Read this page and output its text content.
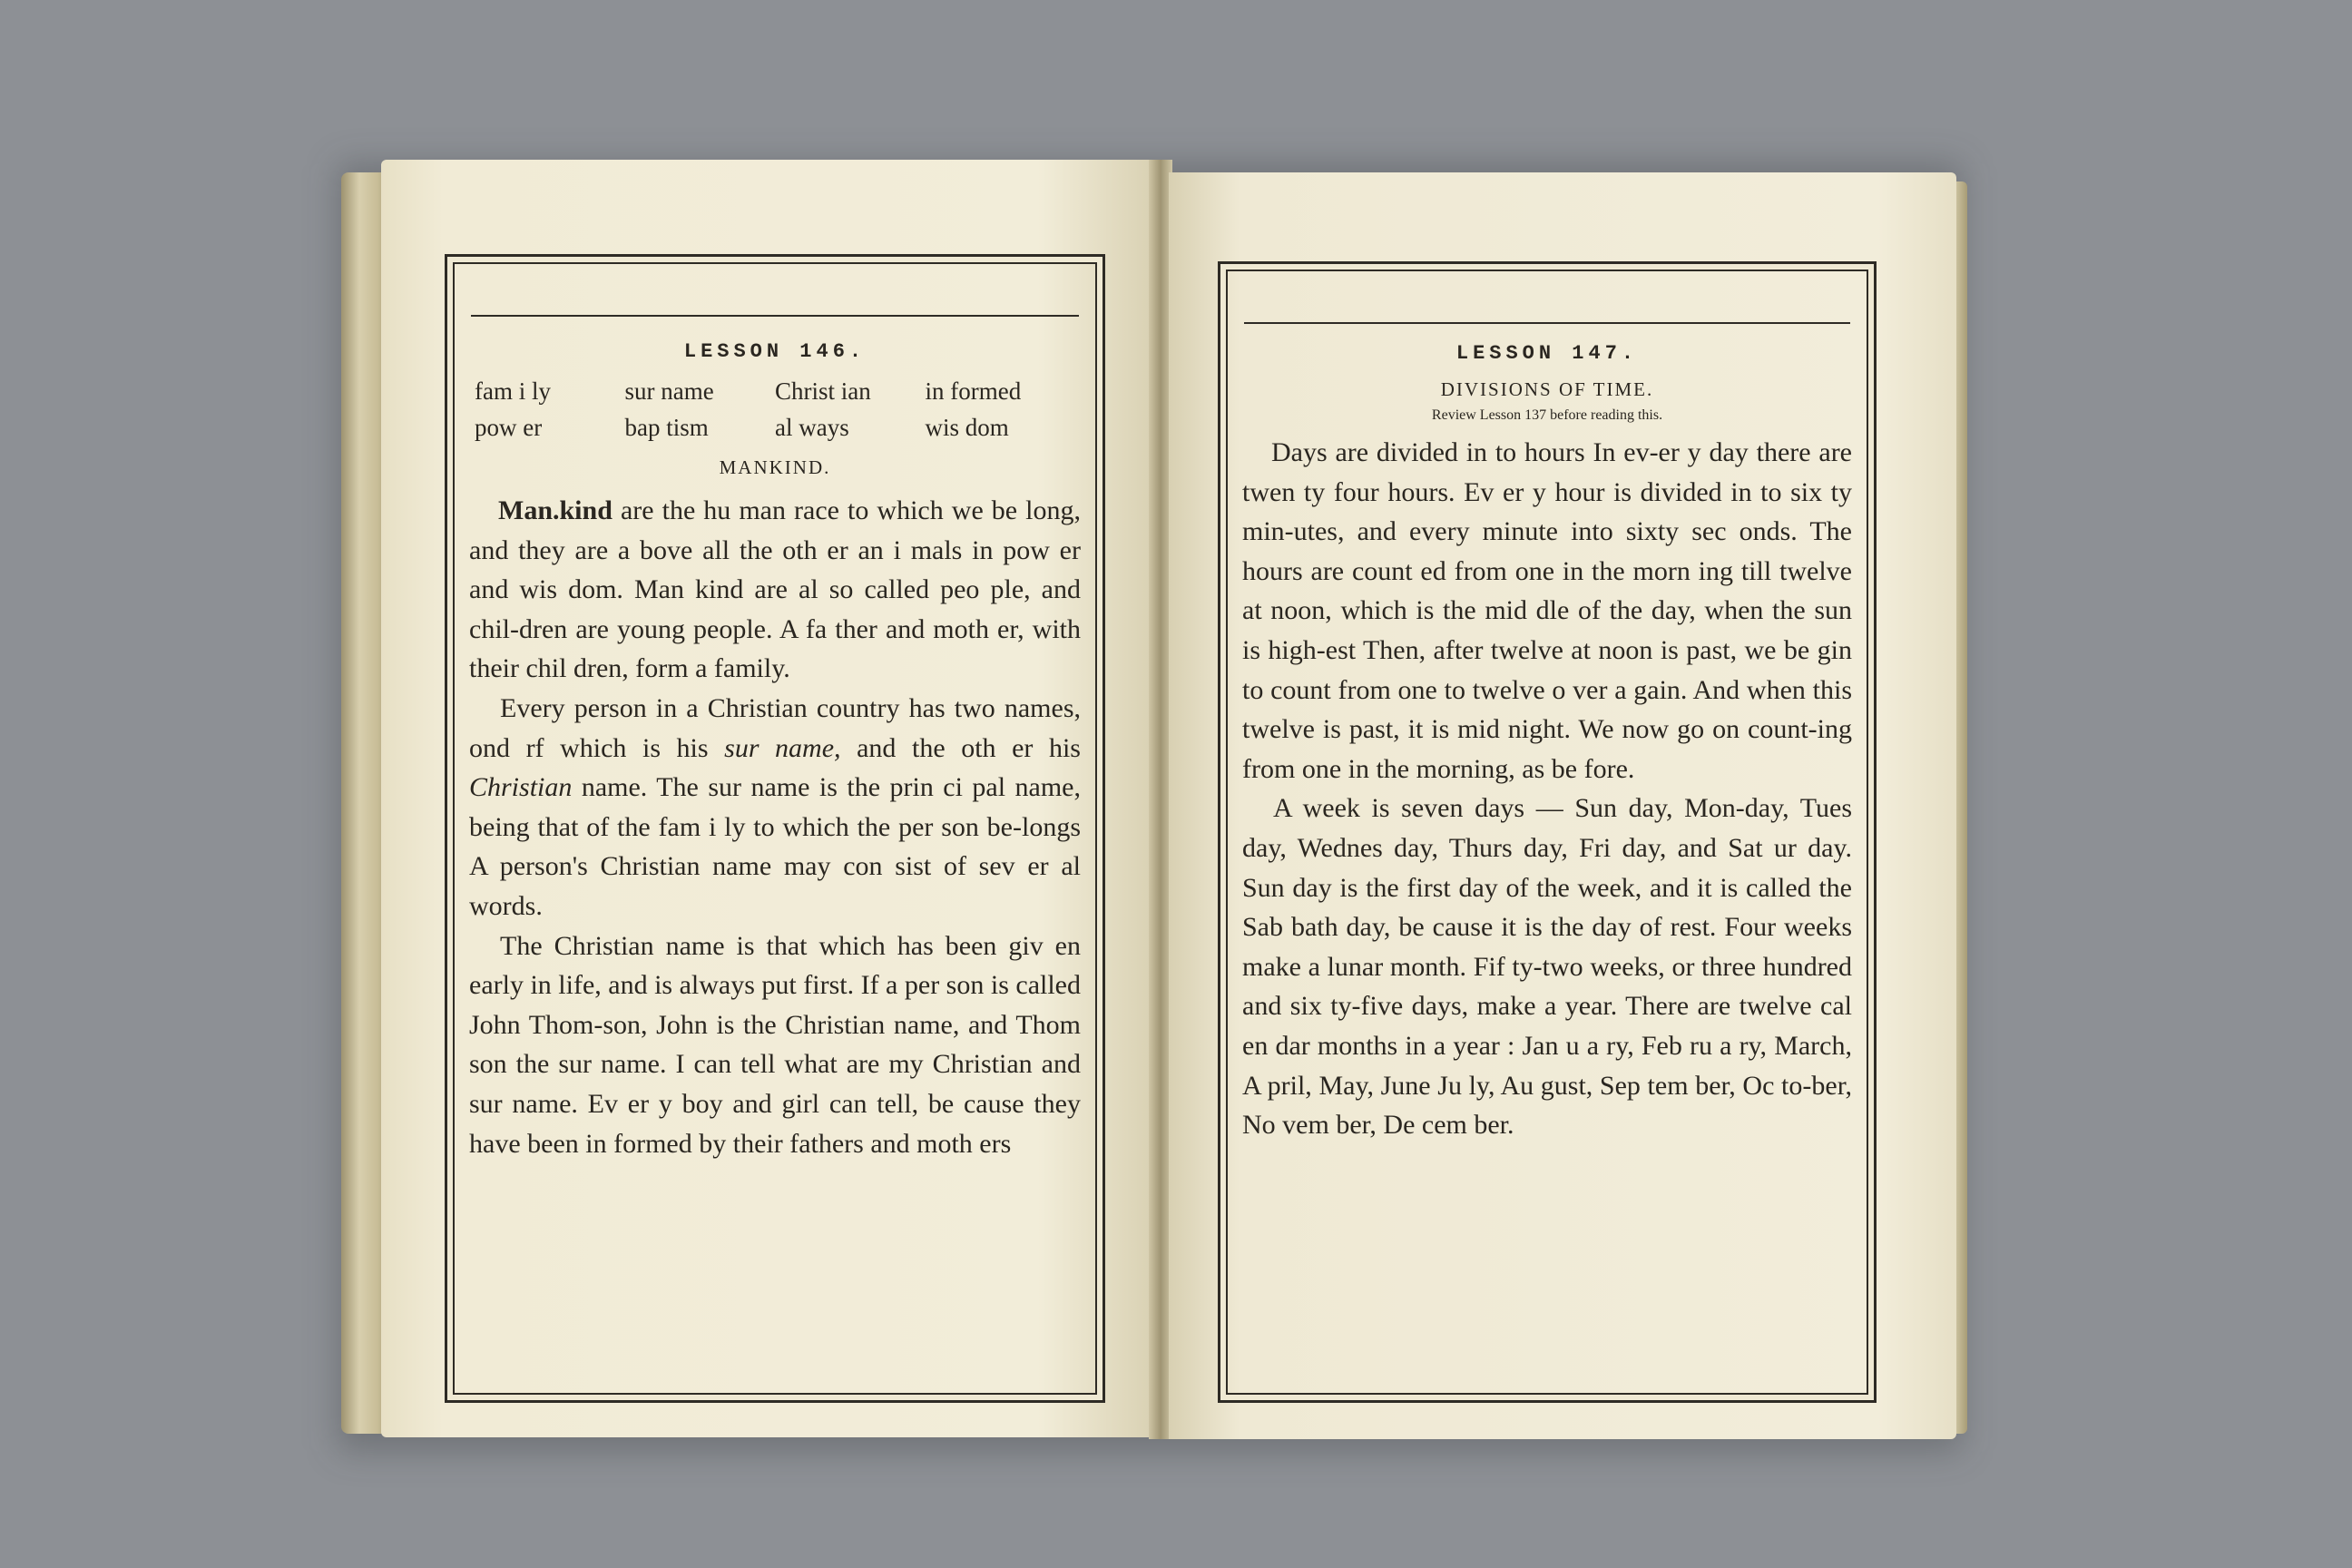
LESSON 146.
fam i ly	sur name	Christ ian	in formed
pow er	bap tism	al ways	wis dom
MANKIND.

Man.kind are the hu man race to which we be long, and they are a bove all the oth er an i mals in pow er and wis dom. Man kind are al so called peo ple, and chil-dren are young people. A fa ther and moth er, with their chil dren, form a family.

Every person in a Christian country has two names, ond rf which is his sur name, and the oth er his Christian name. The sur name is the prin ci pal name, being that of the fam i ly to which the per son be-longs A person's Christian name may con sist of sev er al words.

The Christian name is that which has been giv en early in life, and is always put first. If a per son is called John Thom-son, John is the Christian name, and Thom son the sur name. I can tell what are my Christian and sur name. Ev er y boy and girl can tell, be cause they have been in formed by their fathers and moth ers

LESSON 147.
DIVISIONS OF TIME.
Review Lesson 137 before reading this.

Days are divided in to hours In ev-er y day there are twen ty four hours. Ev er y hour is divided in to six ty min-utes, and every minute into sixty sec onds. The hours are count ed from one in the morn ing till twelve at noon, which is the mid dle of the day, when the sun is high-est Then, after twelve at noon is past, we be gin to count from one to twelve o ver a gain. And when this twelve is past, it is mid night. We now go on count-ing from one in the morning, as be fore.

A week is seven days — Sun day, Mon-day, Tues day, Wednes day, Thurs day, Fri day, and Sat ur day. Sun day is the first day of the week, and it is called the Sab bath day, be cause it is the day of rest. Four weeks make a lunar month. Fif ty-two weeks, or three hundred and six ty-five days, make a year. There are twelve cal en dar months in a year : Jan u a ry, Feb ru a ry, March, A pril, May, June Ju ly, Au gust, Sep tem ber, Oc to-ber, No vem ber, De cem ber.
